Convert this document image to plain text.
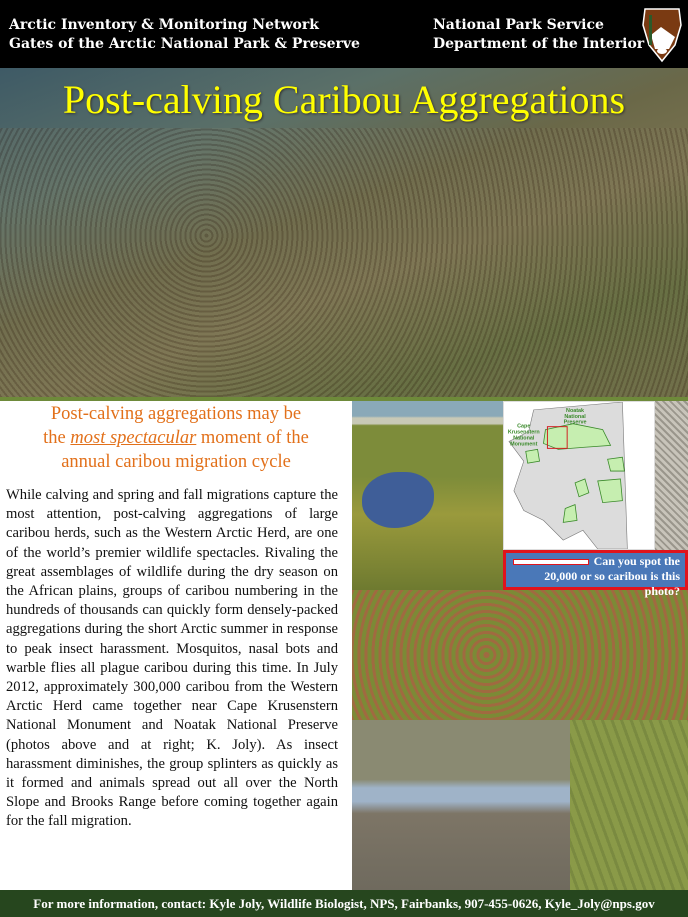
Arctic Inventory & Monitoring Network
Gates of the Arctic National Park & Preserve
National Park Service
Department of the Interior
Post-calving Caribou Aggregations
Post-calving aggregations may be
the most spectacular moment of the
annual caribou migration cycle
While calving and spring and fall migrations capture the most attention, post-calving aggregations of large caribou herds, such as the Western Arctic Herd, are one of the world’s premier wildlife spectacles. Rivaling the great assemblages of wildlife during the dry season on the African plains, groups of caribou numbering in the hundreds of thousands can quickly form densely-packed aggregations during the short Arctic summer in response to peak insect harassment. Mosquitos, nasal bots and warble flies all plague caribou during this time. In July 2012, approximately 300,000 caribou from the Western Arctic Herd came together near Cape Krusenstern National Monument and Noatak National Preserve (photos above and at right; K. Joly). As insect harassment diminishes, the group splinters as quickly as it formed and animals spread out all over the North Slope and Brooks Range before coming together again for the fall migration.
Cape Krusenstern National Monument
Noatak National Preserve
Can you spot the
20,000 or so caribou is this photo?
For more information, contact: Kyle Joly, Wildlife Biologist, NPS, Fairbanks, 907-455-0626, Kyle_Joly@nps.gov
